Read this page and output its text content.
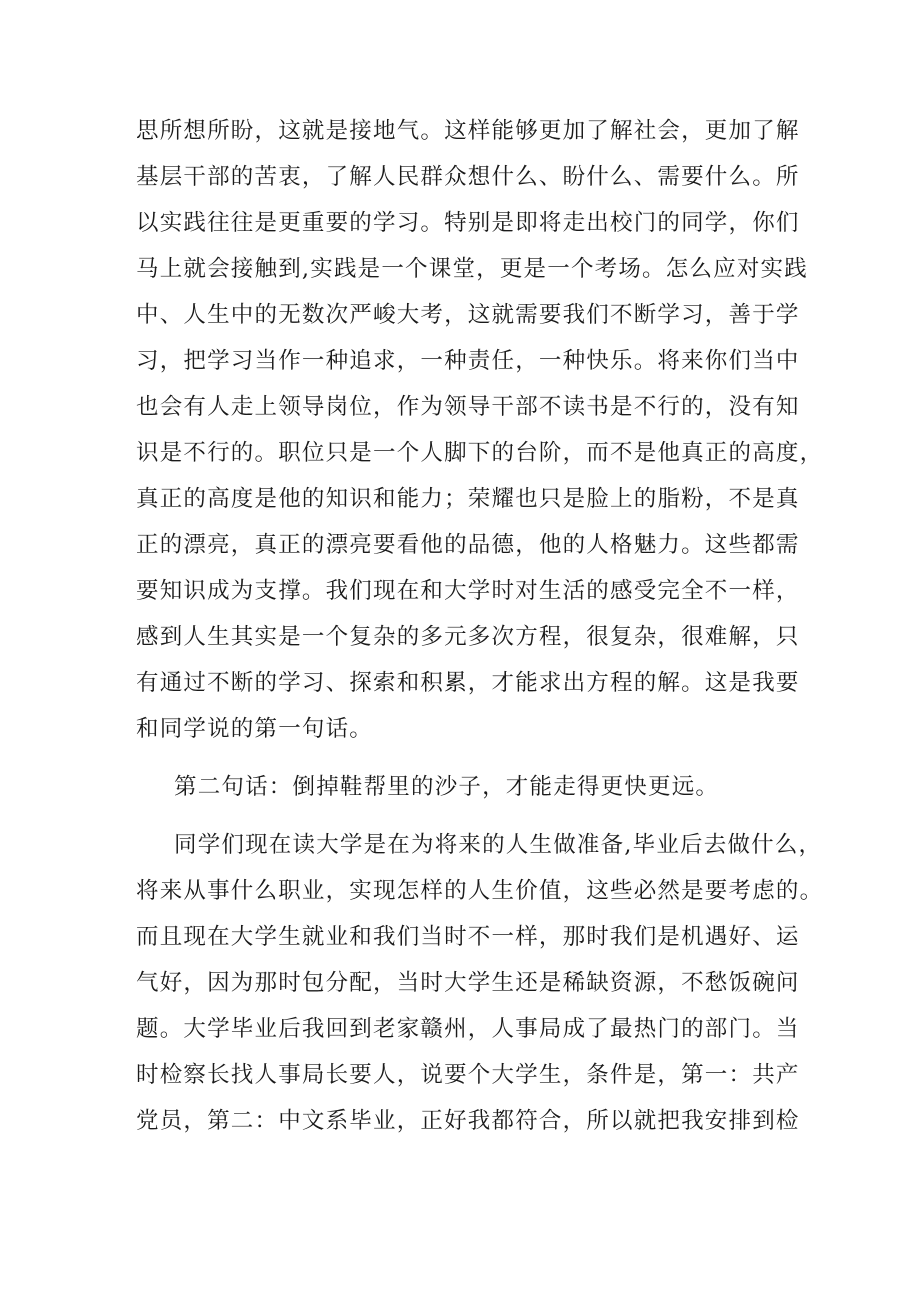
思所想所盼，这就是接地气。这样能够更加了解社会，更加了解
基层干部的苦衷，了解人民群众想什么、盼什么、需要什么。所
以实践往往是更重要的学习。特别是即将走出校门的同学，你们
马上就会接触到,实践是一个课堂，更是一个考场。怎么应对实践
中、人生中的无数次严峻大考，这就需要我们不断学习，善于学
习，把学习当作一种追求，一种责任，一种快乐。将来你们当中
也会有人走上领导岗位，作为领导干部不读书是不行的，没有知
识是不行的。职位只是一个人脚下的台阶，而不是他真正的高度，
真正的高度是他的知识和能力；荣耀也只是脸上的脂粉，不是真
正的漂亮，真正的漂亮要看他的品德，他的人格魅力。这些都需
要知识成为支撑。我们现在和大学时对生活的感受完全不一样，
感到人生其实是一个复杂的多元多次方程，很复杂，很难解，只
有通过不断的学习、探索和积累，才能求出方程的解。这是我要
和同学说的第一句话。
第二句话：倒掉鞋帮里的沙子，才能走得更快更远。
同学们现在读大学是在为将来的人生做准备,毕业后去做什么，
将来从事什么职业，实现怎样的人生价值，这些必然是要考虑的。
而且现在大学生就业和我们当时不一样，那时我们是机遇好、运
气好，因为那时包分配，当时大学生还是稀缺资源，不愁饭碗问
题。大学毕业后我回到老家赣州，人事局成了最热门的部门。当
时检察长找人事局长要人，说要个大学生，条件是，第一：共产
党员，第二：中文系毕业，正好我都符合，所以就把我安排到检
